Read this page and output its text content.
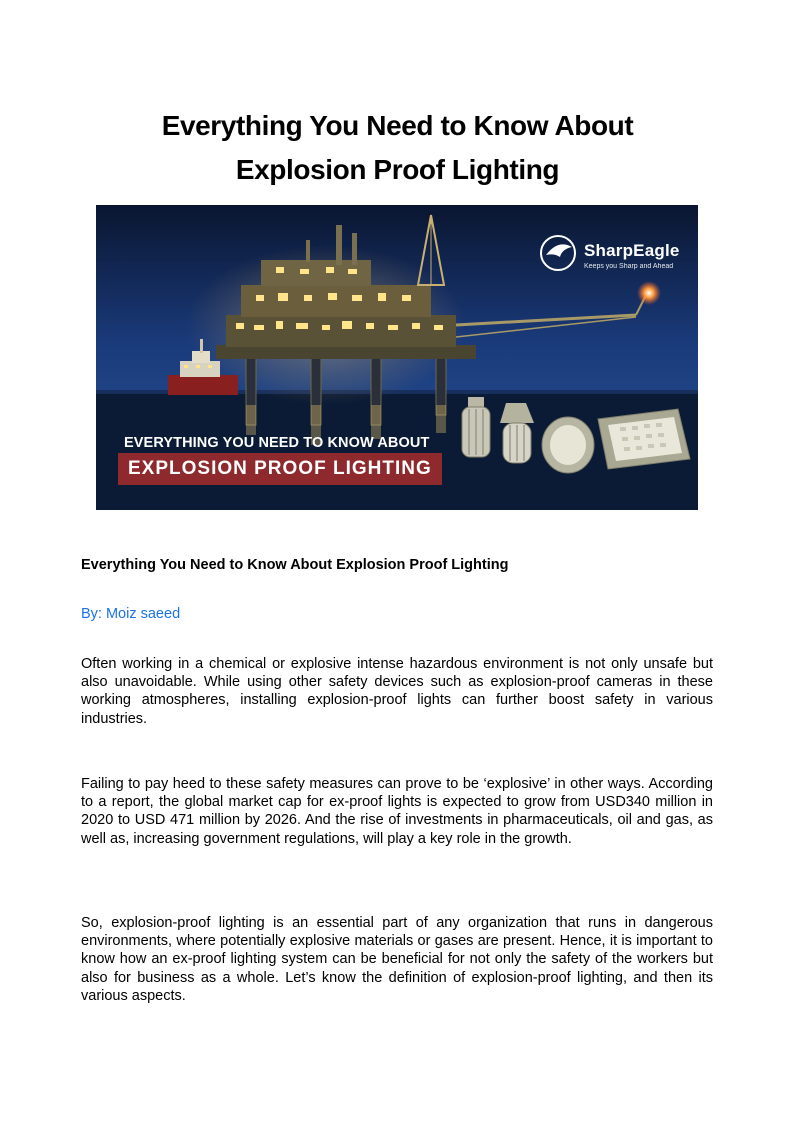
Everything You Need to Know About
Explosion Proof Lighting
SharpEagle
Keeps you Sharp and Ahead
EVERYTHING YOU NEED TO KNOW ABOUT
EXPLOSION PROOF LIGHTING
Everything You Need to Know About Explosion Proof Lighting
By: Moiz saeed

Often working in a chemical or explosive intense hazardous environment is not only unsafe but also unavoidable. While using other safety devices such as explosion-proof cameras in these working atmospheres, installing explosion-proof lights can further boost safety in various industries.

Failing to pay heed to these safety measures can prove to be ‘explosive’ in other ways. According to a report, the global market cap for ex-proof lights is expected to grow from USD340 million in 2020 to USD 471 million by 2026. And the rise of investments in pharmaceuticals, oil and gas, as well as, increasing government regulations, will play a key role in the growth.

So, explosion-proof lighting is an essential part of any organization that runs in dangerous environments, where potentially explosive materials or gases are present. Hence, it is important to know how an ex-proof lighting system can be beneficial for not only the safety of the workers but also for business as a whole. Let’s know the definition of explosion-proof lighting, and then its various aspects.
